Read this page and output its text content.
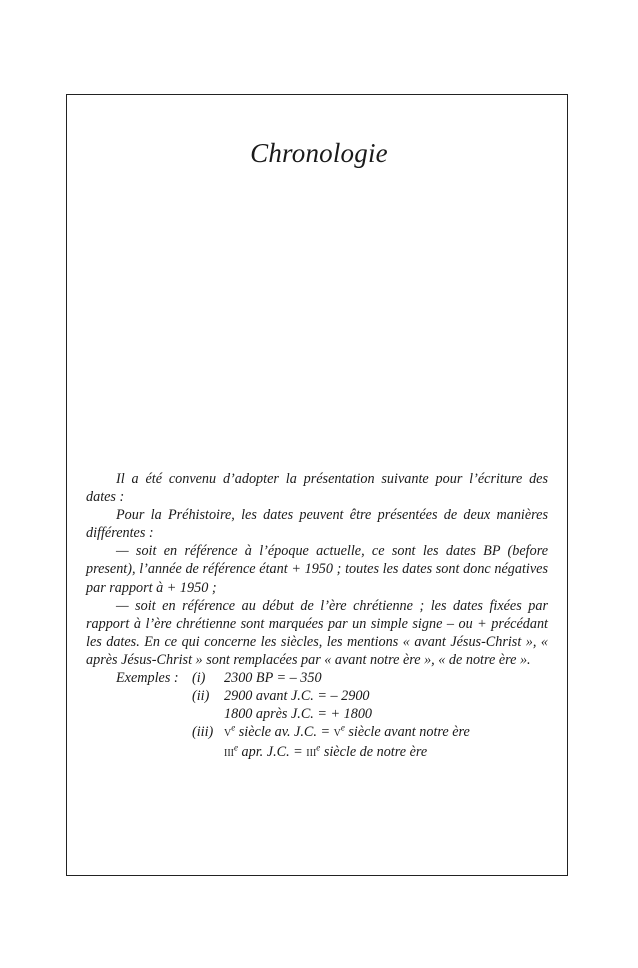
Chronologie

Il a été convenu d’adopter la présentation suivante pour l’écriture des dates :

Pour la Préhistoire, les dates peuvent être présentées de deux manières différentes :

— soit en référence à l’époque actuelle, ce sont les dates BP (before present), l’année de référence étant + 1950 ; toutes les dates sont donc négatives par rapport à + 1950 ;

— soit en référence au début de l’ère chrétienne ; les dates fixées par rapport à l’ère chrétienne sont marquées par un simple signe – ou + précédant les dates. En ce qui concerne les siècles, les mentions « avant Jésus-Christ », « après Jésus-Christ » sont remplacées par « avant notre ère », « de notre ère ».

Exemples : (i)	2300 BP = – 350
(ii)	2900 avant J.C. = – 2900
1800 après J.C. = + 1800
(iii)	Ve siècle av. J.C. = $V^e$ siècle avant notre ère
IIIe apr. J.C. = $III^e$ siècle de notre ère
